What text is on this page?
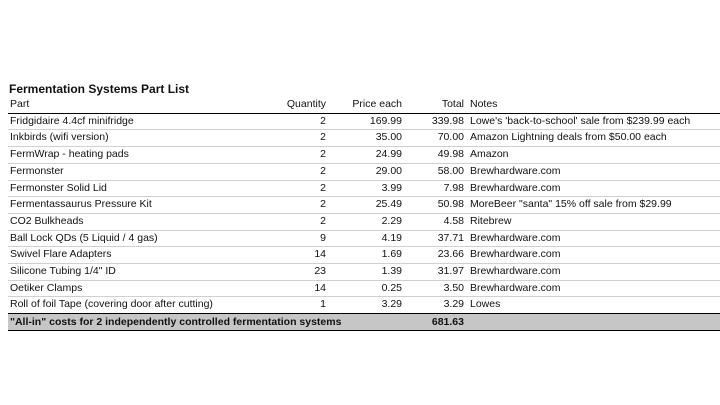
Fermentation Systems Part List
Part	Quantity	Price each	Total	Notes
Fridgidaire 4.4cf minifridge	2	169.99	339.98	Lowe's 'back-to-school' sale from $239.99 each
Inkbirds (wifi version)	2	35.00	70.00	Amazon Lightning deals from $50.00 each
FermWrap - heating pads	2	24.99	49.98	Amazon
Fermonster	2	29.00	58.00	Brewhardware.com
Fermonster Solid Lid	2	3.99	7.98	Brewhardware.com
Fermentassaurus Pressure Kit	2	25.49	50.98	MoreBeer "santa" 15% off sale from $29.99
CO2 Bulkheads	2	2.29	4.58	Ritebrew
Ball Lock QDs (5 Liquid / 4 gas)	9	4.19	37.71	Brewhardware.com
Swivel Flare Adapters	14	1.69	23.66	Brewhardware.com
Silicone Tubing 1/4" ID	23	1.39	31.97	Brewhardware.com
Oetiker Clamps	14	0.25	3.50	Brewhardware.com
Roll of foil Tape (covering door after cutting)	1	3.29	3.29	Lowes
"All-in" costs for 2 independently controlled fermentation systems			681.63	
